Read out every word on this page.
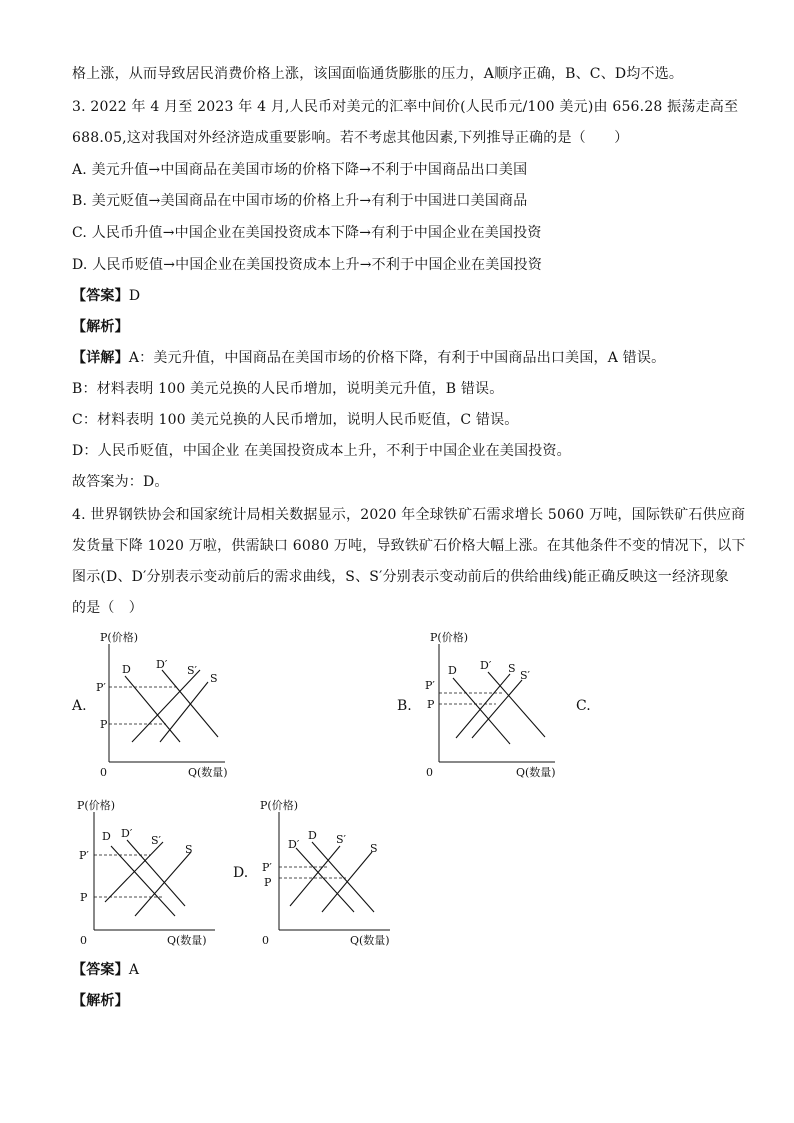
格上涨，从而导致居民消费价格上涨，该国面临通货膨胀的压力，A顺序正确，B、C、D均不选。
3. 2022 年 4 月至 2023 年 4 月,人民币对美元的汇率中间价(人民币元/100 美元)由 656.28 振荡走高至
688.05,这对我国对外经济造成重要影响。若不考虑其他因素,下列推导正确的是（　　）
A. 美元升值→中国商品在美国市场的价格下降→不利于中国商品出口美国
B. 美元贬值→美国商品在中国市场的价格上升→有利于中国进口美国商品
C. 人民币升值→中国企业在美国投资成本下降→有利于中国企业在美国投资
D. 人民币贬值→中国企业在美国投资成本上升→不利于中国企业在美国投资
【答案】D
【解析】
【详解】A：美元升值，中国商品在美国市场的价格下降，有利于中国商品出口美国，A 错误。
B：材料表明 100 美元兑换的人民币增加，说明美元升值，B 错误。
C：材料表明 100 美元兑换的人民币增加，说明人民币贬值，C 错误。
D：人民币贬值，中国企业 在美国投资成本上升，不利于中国企业在美国投资。
故答案为：D。
4. 世界钢铁协会和国家统计局相关数据显示，2020 年全球铁矿石需求增长 5060 万吨，国际铁矿石供应商
发货量下降 1020 万啦，供需缺口 6080 万吨，导致铁矿石价格大幅上涨。在其他条件不变的情况下，以下
图示(D、D′分别表示变动前后的需求曲线，S、S′分别表示变动前后的供给曲线)能正确反映这一经济现象
的是（　）
A.	B.	C.
D.
P(价格)
Q(数量)
0
P′
P
D D′ S′
S
P(价格)
Q(数量)
0
P′
P
D D′ S
S′
P(价格)
Q(数量)
0
P′
P
D D′
S′
S
P(价格)
Q(数量)
0
P′
P
D′
D S′
S
【答案】A
【解析】
